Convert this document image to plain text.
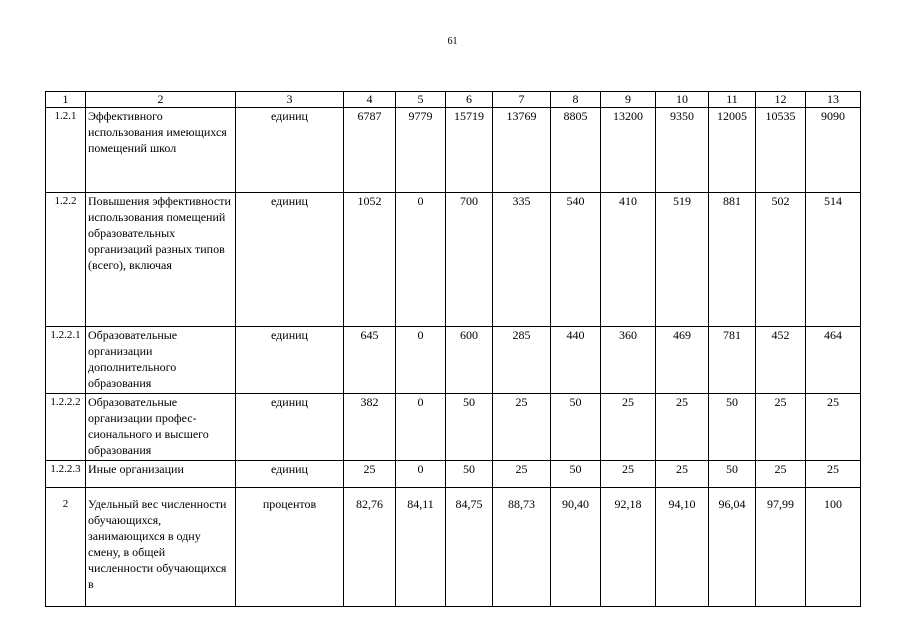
61
1	2	3	4	5	6	7	8	9	10	11	12	13
1.2.1	Эффективного использования имеющихся помещений школ	единиц	6787	9779	15719	13769	8805	13200	9350	12005	10535	9090
1.2.2	Повышения эффективности использования помещений образовательных организаций разных типов (всего), включая	единиц	1052	0	700	335	540	410	519	881	502	514
1.2.2.1	Образовательные организации дополнительного образования	единиц	645	0	600	285	440	360	469	781	452	464
1.2.2.2	Образовательные организации профес-сионального и высшего образования	единиц	382	0	50	25	50	25	25	50	25	25
1.2.2.3	Иные организации	единиц	25	0	50	25	50	25	25	50	25	25
2	Удельный вес численности обучающихся, занимающихся в одну смену, в общей численности обучающихся в	процентов	82,76	84,11	84,75	88,73	90,40	92,18	94,10	96,04	97,99	100
